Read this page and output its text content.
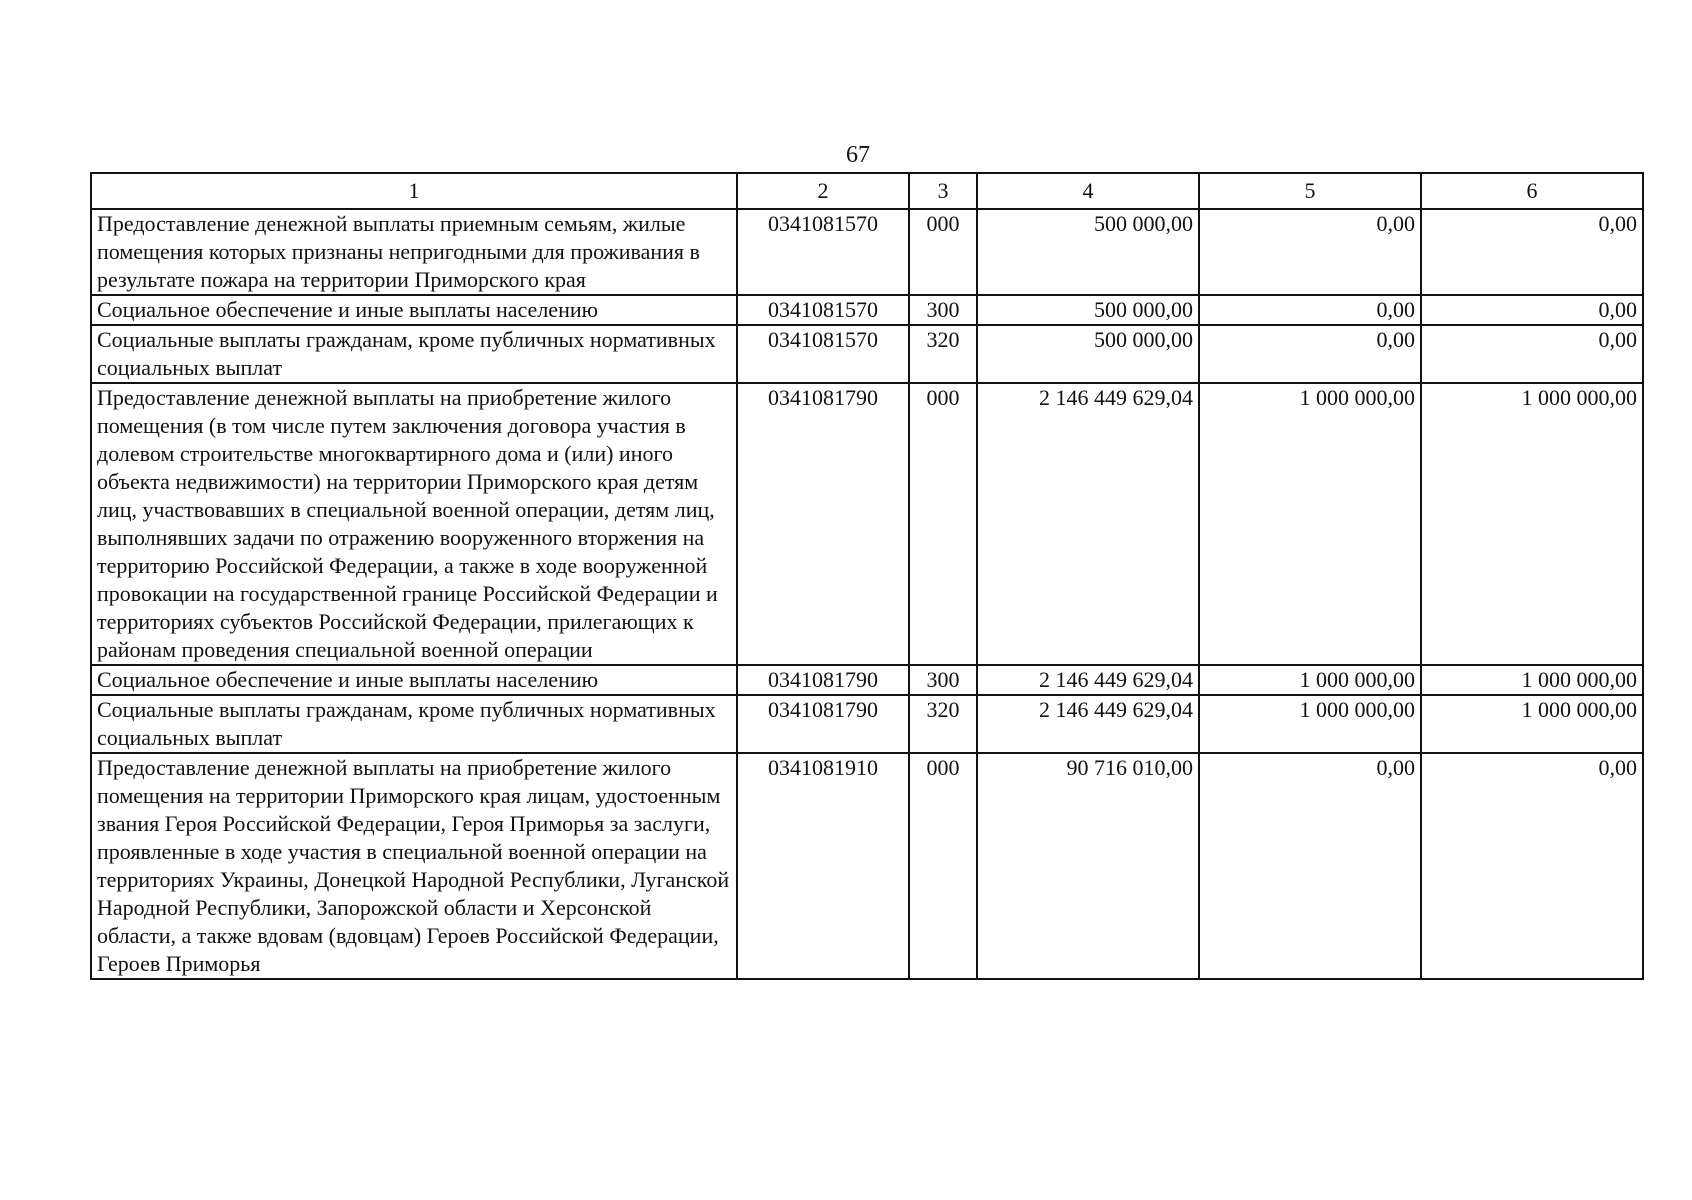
67
1	2	3	4	5	6
Предоставление денежной выплаты приемным семьям, жилые помещения которых признаны непригодными для проживания в результате пожара на территории Приморского края	0341081570	000	500 000,00	0,00	0,00
Социальное обеспечение и иные выплаты населению	0341081570	300	500 000,00	0,00	0,00
Социальные выплаты гражданам, кроме публичных нормативных социальных выплат	0341081570	320	500 000,00	0,00	0,00
Предоставление денежной выплаты на приобретение жилого помещения (в том числе путем заключения договора участия в долевом строительстве многоквартирного дома и (или) иного объекта недвижимости) на территории Приморского края детям лиц, участвовавших в специальной военной операции, детям лиц, выполнявших задачи по отражению вооруженного вторжения на территорию Российской Федерации, а также в ходе вооруженной провокации на государственной границе Российской Федерации и территориях субъектов Российской Федерации, прилегающих к районам проведения специальной военной операции	0341081790	000	2 146 449 629,04	1 000 000,00	1 000 000,00
Социальное обеспечение и иные выплаты населению	0341081790	300	2 146 449 629,04	1 000 000,00	1 000 000,00
Социальные выплаты гражданам, кроме публичных нормативных социальных выплат	0341081790	320	2 146 449 629,04	1 000 000,00	1 000 000,00
Предоставление денежной выплаты на приобретение жилого помещения на территории Приморского края лицам, удостоенным звания Героя Российской Федерации, Героя Приморья за заслуги, проявленные в ходе участия в специальной военной операции на территориях Украины, Донецкой Народной Республики, Луганской Народной Республики, Запорожской области и Херсонской области, а также вдовам (вдовцам) Героев Российской Федерации, Героев Приморья	0341081910	000	90 716 010,00	0,00	0,00
